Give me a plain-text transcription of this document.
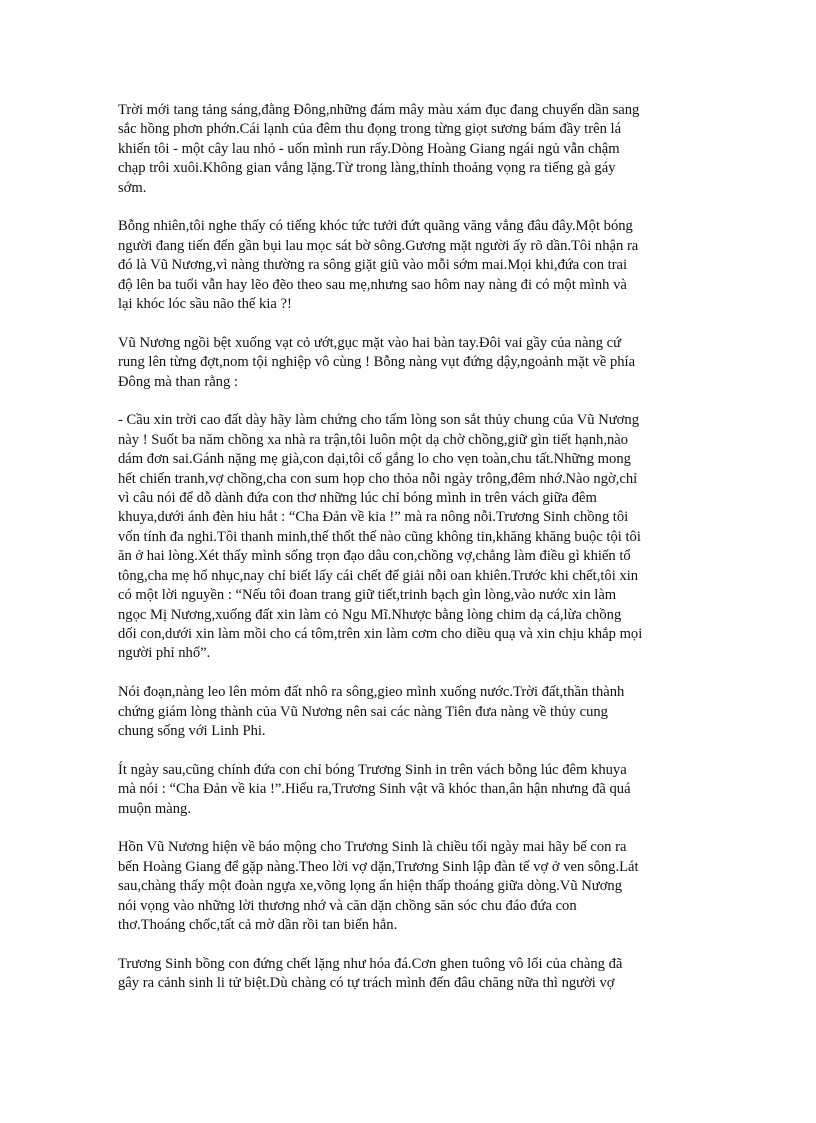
Trời mới tang tảng sáng,đằng Đông,những đám mây màu xám đục đang chuyển dần sang
sắc hồng phơn phớn.Cái lạnh của đêm thu đọng trong từng giọt sương bám đầy trên lá
khiến tôi - một cây lau nhỏ - uốn mình run rẩy.Dòng Hoàng Giang ngái ngủ vẫn chậm
chạp trôi xuôi.Không gian vắng lặng.Từ trong làng,thỉnh thoảng vọng ra tiếng gà gáy
sớm.

Bỗng nhiên,tôi nghe thấy có tiếng khóc tức tưởi đứt quãng văng vẳng đâu đây.Một bóng
người đang tiến đến gần bụi lau mọc sát bờ sông.Gương mặt người ấy rõ dần.Tôi nhận ra
đó là Vũ Nương,vì nàng thường ra sông giặt giũ vào mỗi sớm mai.Mọi khi,đứa con trai
độ lên ba tuổi vẫn hay lẽo đẽo theo sau mẹ,nhưng sao hôm nay nàng đi có một mình và
lại khóc lóc sầu não thế kia ?!

Vũ Nương ngồi bệt xuống vạt cỏ ướt,gục mặt vào hai bàn tay.Đôi vai gầy của nàng cứ
rung lên từng đợt,nom tội nghiệp vô cùng ! Bỗng nàng vụt đứng dậy,ngoảnh mặt về phía
Đông mà than rằng :

- Cầu xin trời cao đất dày hãy làm chứng cho tấm lòng son sắt thủy chung của Vũ Nương
này ! Suốt ba năm chồng xa nhà ra trận,tôi luôn một dạ chờ chồng,giữ gìn tiết hạnh,nào
dám đơn sai.Gánh nặng mẹ già,con dại,tôi cố gắng lo cho vẹn toàn,chu tất.Những mong
hết chiến tranh,vợ chồng,cha con sum họp cho thỏa nỗi ngày trông,đêm nhớ.Nào ngờ,chỉ
vì câu nói để dỗ dành đứa con thơ những lúc chỉ bóng mình in trên vách giữa đêm
khuya,dưới ánh đèn hiu hắt : “Cha Đản về kia !” mà ra nông nỗi.Trương Sinh chồng tôi
vốn tính đa nghi.Tôi thanh minh,thế thốt thế nào cũng không tin,khăng khăng buộc tội tôi
ăn ở hai lòng.Xét thấy mình sống trọn đạo dâu con,chồng vợ,chẳng làm điều gì khiến tổ
tông,cha mẹ hổ nhục,nay chỉ biết lấy cái chết để giải nỗi oan khiên.Trước khi chết,tôi xin
có một lời nguyền : “Nếu tôi đoan trang giữ tiết,trinh bạch gìn lòng,vào nước xin làm
ngọc Mị Nương,xuống đất xin làm cỏ Ngu Mĩ.Nhược bằng lòng chim dạ cá,lừa chồng
dối con,dưới xin làm mồi cho cá tôm,trên xin làm cơm cho diều quạ và xin chịu khắp mọi
người phỉ nhổ”.

Nói đoạn,nàng leo lên mỏm đất nhô ra sông,gieo mình xuống nước.Trời đất,thần thành
chứng giám lòng thành của Vũ Nương nên sai các nàng Tiên đưa nàng về thủy cung
chung sống với Linh Phi.

Ít ngày sau,cũng chính đứa con chỉ bóng Trương Sinh in trên vách bỗng lúc đêm khuya
mà nói : “Cha Đản về kia !”.Hiểu ra,Trương Sinh vật vã khóc than,ân hận nhưng đã quá
muộn màng.

Hồn Vũ Nương hiện về báo mộng cho Trương Sinh là chiều tối ngày mai hãy bế con ra
bến Hoàng Giang để gặp nàng.Theo lời vợ dặn,Trương Sinh lập đàn tế vợ ở ven sông.Lát
sau,chàng thấy một đoàn ngựa xe,võng lọng ẩn hiện thấp thoáng giữa dòng.Vũ Nương
nói vọng vào những lời thương nhớ và căn dặn chồng săn sóc chu đáo đứa con
thơ.Thoáng chốc,tất cả mờ dần rồi tan biến hẳn.

Trương Sinh bồng con đứng chết lặng như hóa đá.Cơn ghen tuông vô lối của chàng đã
gây ra cảnh sinh li tử biệt.Dù chàng có tự trách mình đến đâu chăng nữa thì người vợ
